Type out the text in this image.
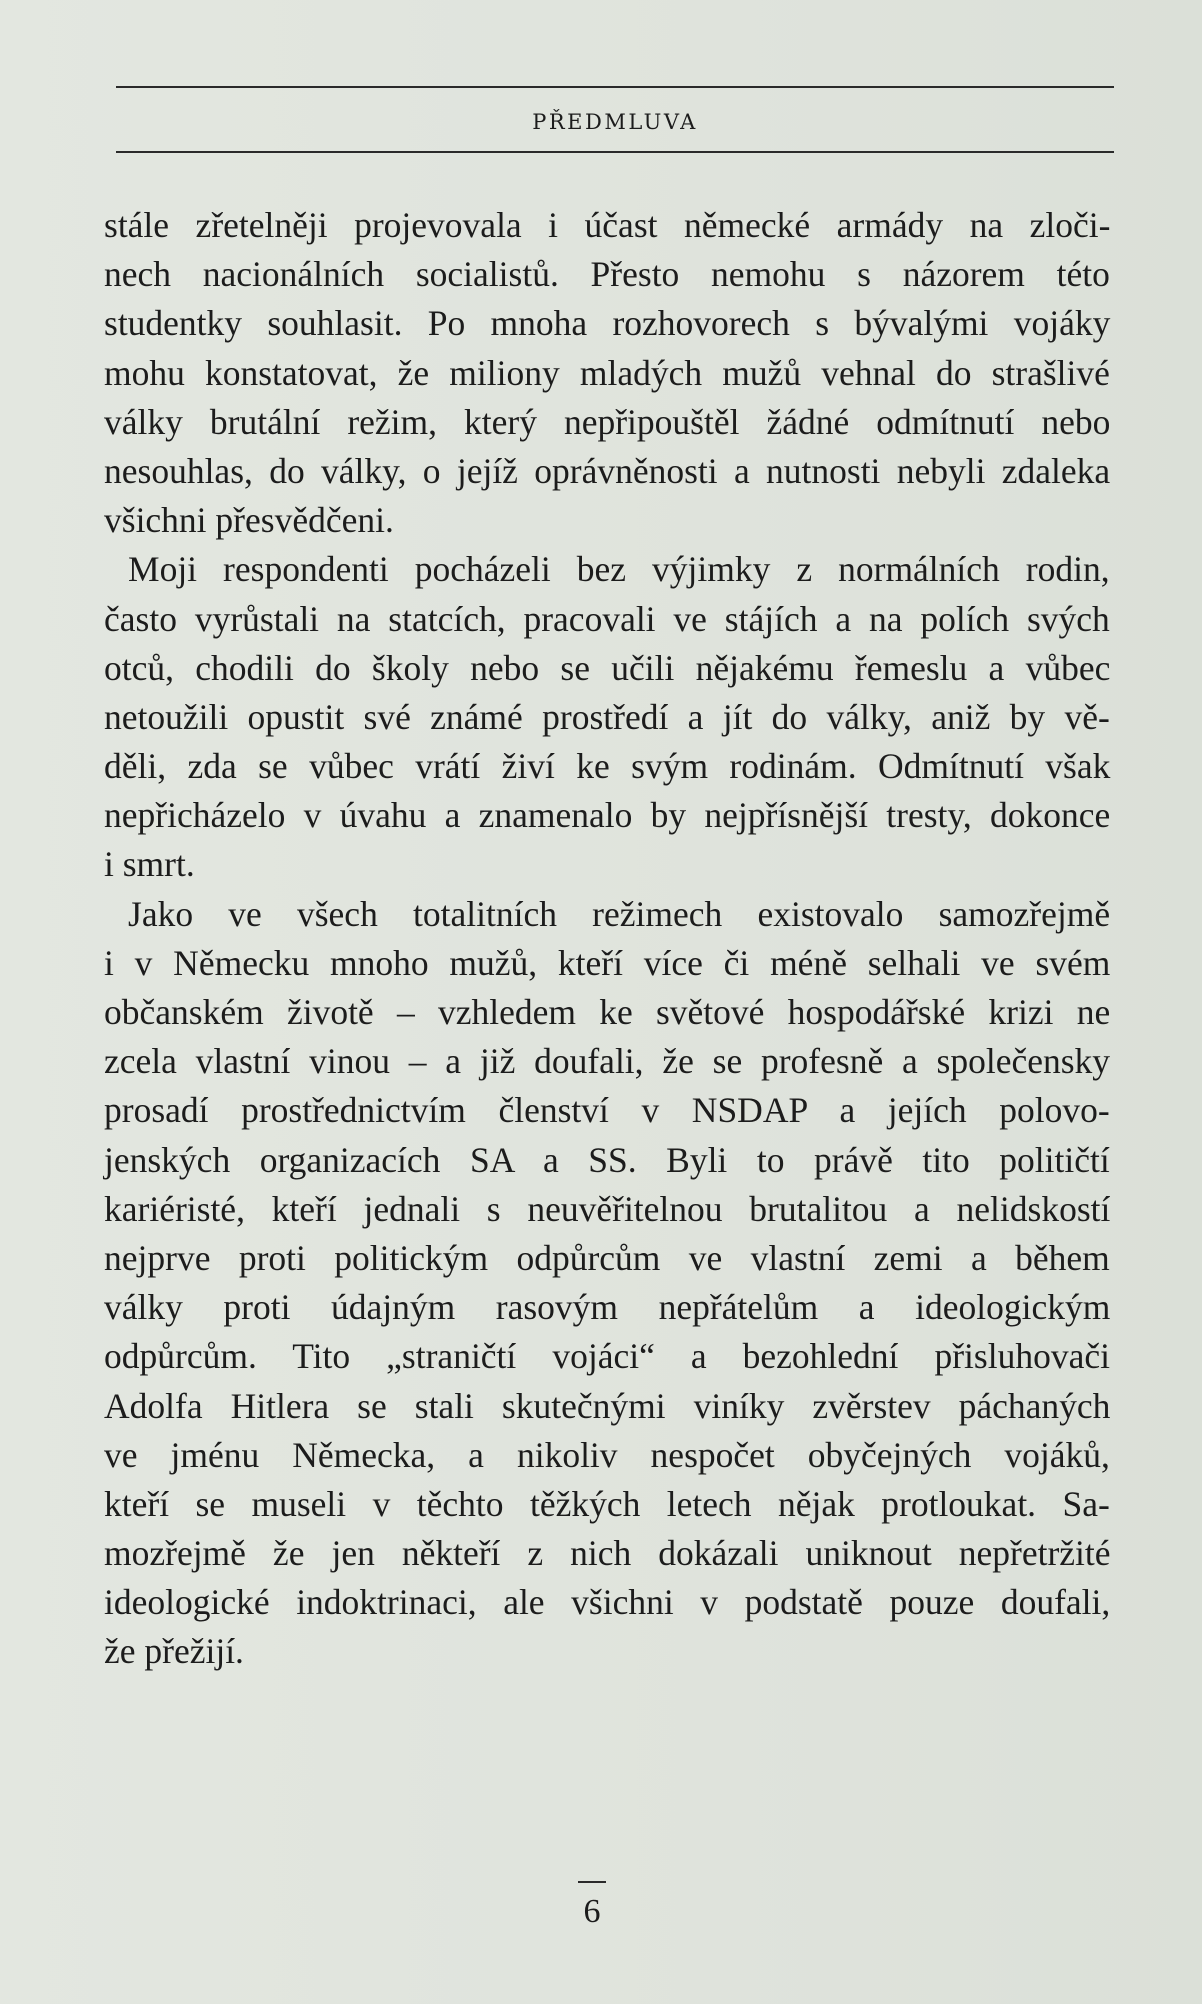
PŘEDMLUVA
stále zřetelněji projevovala i účast německé armády na zloči-
nech nacionálních socialistů. Přesto nemohu s názorem této
studentky souhlasit. Po mnoha rozhovorech s bývalými vojáky
mohu konstatovat, že miliony mladých mužů vehnal do strašlivé
války brutální režim, který nepřipouštěl žádné odmítnutí nebo
nesouhlas, do války, o jejíž oprávněnosti a nutnosti nebyli zdaleka
všichni přesvědčeni.
Moji respondenti pocházeli bez výjimky z normálních rodin,
často vyrůstali na statcích, pracovali ve stájích a na polích svých
otců, chodili do školy nebo se učili nějakému řemeslu a vůbec
netoužili opustit své známé prostředí a jít do války, aniž by vě-
děli, zda se vůbec vrátí živí ke svým rodinám. Odmítnutí však
nepřicházelo v úvahu a znamenalo by nejpřísnější tresty, dokonce
i smrt.
Jako ve všech totalitních režimech existovalo samozřejmě
i v Německu mnoho mužů, kteří více či méně selhali ve svém
občanském životě – vzhledem ke světové hospodářské krizi ne
zcela vlastní vinou – a již doufali, že se profesně a společensky
prosadí prostřednictvím členství v NSDAP a jejích polovo-
jenských organizacích SA a SS. Byli to právě tito političtí
kariéristé, kteří jednali s neuvěřitelnou brutalitou a nelidskostí
nejprve proti politickým odpůrcům ve vlastní zemi a během
války proti údajným rasovým nepřátelům a ideologickým
odpůrcům. Tito „straničtí vojáci“ a bezohlední přisluhovači
Adolfa Hitlera se stali skutečnými viníky zvěrstev páchaných
ve jménu Německa, a nikoliv nespočet obyčejných vojáků,
kteří se museli v těchto těžkých letech nějak protloukat. Sa-
mozřejmě že jen někteří z nich dokázali uniknout nepřetržité
ideologické indoktrinaci, ale všichni v podstatě pouze doufali,
že přežijí.
6
